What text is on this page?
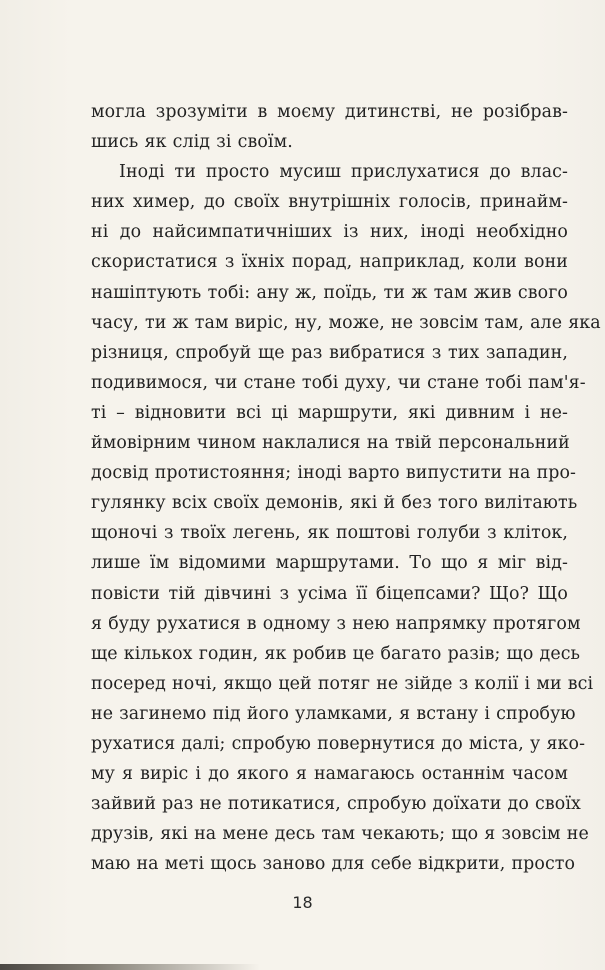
могла зрозуміти в моєму дитинстві, не розібрав-
шись як слід зі своїм.
Іноді ти просто мусиш прислухатися до влас-
них химер, до своїх внутрішніх голосів, принайм-
ні до найсимпатичніших із них, іноді необхідно
скористатися з їхніх порад, наприклад, коли вони
нашіптують тобі: ану ж, поїдь, ти ж там жив свого
часу, ти ж там виріс, ну, може, не зовсім там, але яка
різниця, спробуй ще раз вибратися з тих западин,
подивимося, чи стане тобі духу, чи стане тобі пам'я-
ті – відновити всі ці маршрути, які дивним і не-
ймовірним чином наклалися на твій персональний
досвід протистояння; іноді варто випустити на про-
гулянку всіх своїх демонів, які й без того вилітають
щоночі з твоїх легень, як поштові голуби з кліток,
лише їм відомими маршрутами. То що я міг від-
повісти тій дівчині з усіма її біцепсами? Що? Що
я буду рухатися в одному з нею напрямку протягом
ще кількох годин, як робив це багато разів; що десь
посеред ночі, якщо цей потяг не зійде з колії і ми всі
не загинемо під його уламками, я встану і спробую
рухатися далі; спробую повернутися до міста, у яко-
му я виріс і до якого я намагаюсь останнім часом
зайвий раз не потикатися, спробую доїхати до своїх
друзів, які на мене десь там чекають; що я зовсім не
маю на меті щось заново для себе відкрити, просто
18
